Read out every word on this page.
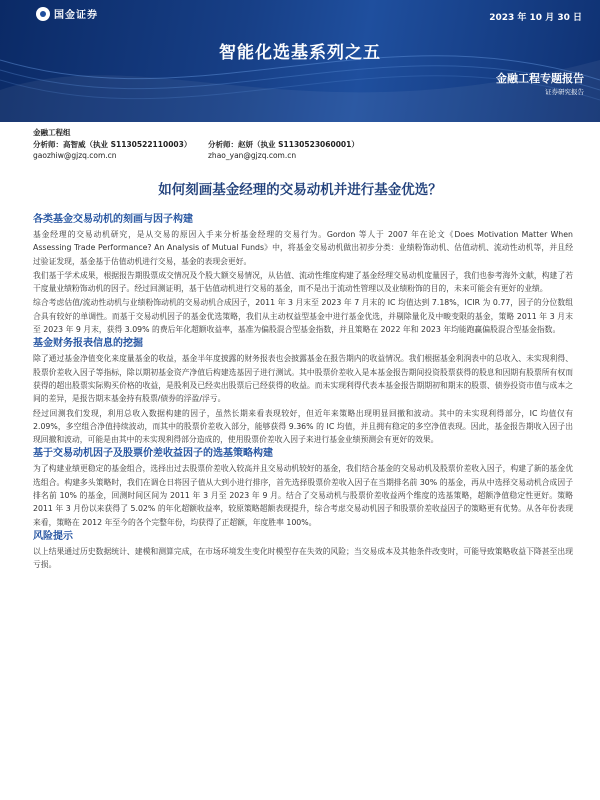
国金证券	2023 年 10 月 30 日
智能化选基系列之五
金融工程专题报告
证券研究报告
金融工程组
分析师：高智威（执业 S1130522110003）	分析师：赵妍（执业 S1130523060001）
gaozhiw@gjzq.com.cn	zhao_yan@gjzq.com.cn
如何刻画基金经理的交易动机并进行基金优选？
各类基金交易动机的刻画与因子构建

基金经理的交易动机研究，是从交易的原因入手来分析基金经理的交易行为。Gordon 等人于 2007 年在论文《Does Motivation Matter When Assessing Trade Performance? An Analysis of Mutual Funds》中，将基金交易动机做出初步分类：业绩粉饰动机、估值动机、流动性动机等，并且经过验证发现，基金基于估值动机进行交易，基金的表现会更好。

我们基于学术成果，根据报告期股票成交情况及个股大额交易情况，从估值、流动性维度构建了基金经理交易动机度量因子，我们也参考海外文献，构建了若干度量业绩粉饰动机的因子。经过回测证明，基于估值动机进行交易的基金，而不是出于流动性管理以及业绩粉饰的目的，未来可能会有更好的业绩。

综合考虑估值/流动性动机与业绩粉饰动机的交易动机合成因子，2011 年 3 月末至 2023 年 7 月末的 IC 均值达到 7.18%，ICIR 为 0.77，因子的分位数组合具有较好的单调性。而基于交易动机因子的基金优选策略，我们从主动权益型基金中进行基金优选，并剔除量化及中畯变限的基金，策略 2011 年 3 月末至 2023 年 9 月末，获得 3.09% 的费后年化超额收益率，基准为偏股混合型基金指数，并且策略在 2022 年和 2023 年均能跑赢偏股混合型基金指数。

基金财务报表信息的挖掘

除了通过基金净值变化来度量基金的收益，基金半年度披露的财务报表也会披露基金在报告期内的收益情况。我们根据基金利润表中的总收入、未实现利得、股票价差收入因子等指标，除以期初基金资产净值后构建选基因子进行测试。其中股票价差收入是本基金报告期间投资股票获得的股息和因期有股票所有权而获得的超出股票实际购买价格的收益，是股利及已经卖出股票后已经获得的收益。而未实现利得代表本基金报告期期初和期末的股票、债券投资市值与成本之间的差异，是报告期末基金持有股票/债券的浮盈/浮亏。

经过回测我们发现，利用总收入数据构建的因子，虽然长期来看表现较好，但近年来策略出现明显回撤和波动。其中的未实现利得部分，IC 均值仅有 2.09%，多空组合净值持续波动，而其中的股票价差收入部分，能够获得 9.36% 的 IC 均值，并且拥有稳定的多空净值表现。因此，基金报告期收入因子出现回撤和波动，可能是由其中的未实现利得部分造成的，使用股票价差收入因子来进行基金业绩预测会有更好的效果。

基于交易动机因子及股票价差收益因子的选基策略构建

为了构建业绩更稳定的基金组合，选择出过去股票价差收入较高并且交易动机较好的基金，我们结合基金的交易动机及股票价差收入因子，构建了新的基金优选组合。构建多头策略时，我们在调仓日将因子值从大到小进行排序，首先选择股票价差收入因子在当期排名前 30% 的基金，再从中选择交易动机合成因子排名前 10% 的基金，回测时间区间为 2011 年 3 月至 2023 年 9 月。结合了交易动机与股票价差收益两个维度的选基策略，超额净值稳定性更好。策略 2011 年 3 月份以来获得了 5.02% 的年化超额收益率，较原策略超额表现提升，综合考虑交易动机因子和股票价差收益因子的策略更有优势。从各年份表现来看，策略在 2012 年至今的各个完整年份，均获得了正超额，年度胜率 100%。

风险提示

以上结果通过历史数据统计、建模和测算完成，在市场环境发生变化时模型存在失效的风险；当交易成本及其他条件改变时，可能导致策略收益下降甚至出现亏损。
